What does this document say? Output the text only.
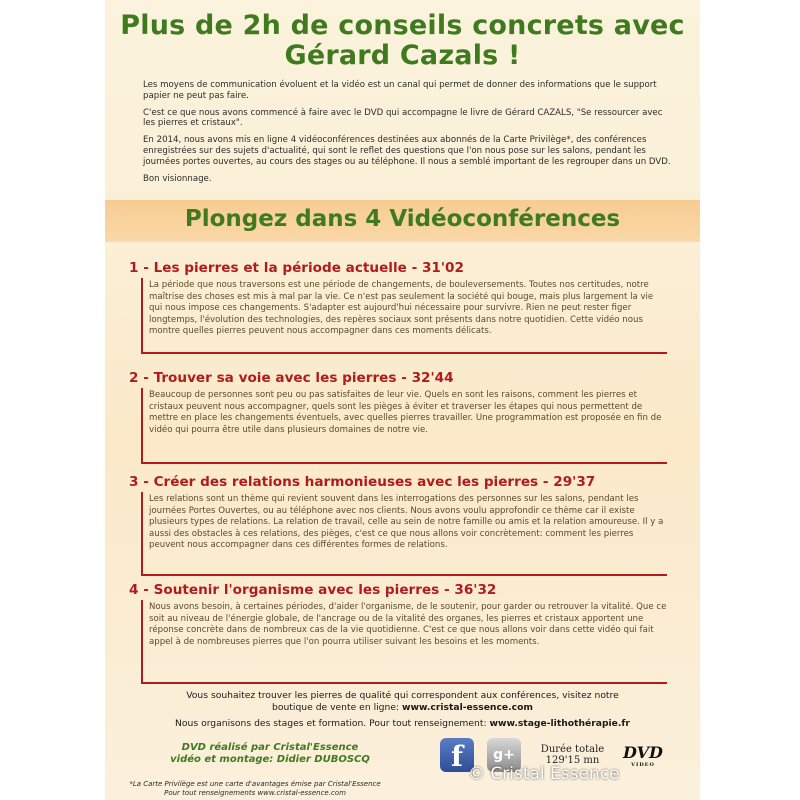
Plus de 2h de conseils concrets avec
Gérard Cazals !

Les moyens de communication évoluent et la vidéo est un canal qui permet de donner des informations que le support papier ne peut pas faire.

C'est ce que nous avons commencé à faire avec le DVD qui accompagne le livre de Gérard CAZALS, "Se ressourcer avec les pierres et cristaux".

En 2014, nous avons mis en ligne 4 vidéoconférences destinées aux abonnés de la Carte Privilège*, des conférences enregistrées sur des sujets d'actualité, qui sont le reflet des questions que l'on nous pose sur les salons, pendant les journées portes ouvertes, au cours des stages ou au téléphone. Il nous a semblé important de les regrouper dans un DVD.

Bon visionnage.

Plongez dans 4 Vidéoconférences
1 - Les pierres et la période actuelle - 31'02
La période que nous traversons est une période de changements, de bouleversements. Toutes nos certitudes, notre maîtrise des choses est mis à mal par la vie. Ce n'est pas seulement la société qui bouge, mais plus largement la vie qui nous impose ces changements. S'adapter est aujourd'hui nécessaire pour survivre. Rien ne peut rester figer longtemps, l'évolution des technologies, des repères sociaux sont présents dans notre quotidien. Cette vidéo nous montre quelles pierres peuvent nous accompagner dans ces moments délicats.
2 - Trouver sa voie avec les pierres - 32'44
Beaucoup de personnes sont peu ou pas satisfaites de leur vie. Quels en sont les raisons, comment les pierres et cristaux peuvent nous accompagner, quels sont les pièges à éviter et traverser les étapes qui nous permettent de mettre en place les changements éventuels, avec quelles pierres travailler. Une programmation est proposée en fin de vidéo qui pourra être utile dans plusieurs domaines de notre vie.
3 - Créer des relations harmonieuses avec les pierres - 29'37
Les relations sont un thème qui revient souvent dans les interrogations des personnes sur les salons, pendant les journées Portes Ouvertes, ou au téléphone avec nos clients. Nous avons voulu approfondir ce thème car il existe plusieurs types de relations. La relation de travail, celle au sein de notre famille ou amis et la relation amoureuse. Il y a aussi des obstacles à ces relations, des pièges, c'est ce que nous allons voir concrètement: comment les pierres peuvent nous accompagner dans ces différentes formes de relations.
4 - Soutenir l'organisme avec les pierres - 36'32
Nous avons besoin, à certaines périodes, d'aider l'organisme, de le soutenir, pour garder ou retrouver la vitalité. Que ce soit au niveau de l'énergie globale, de l'ancrage ou de la vitalité des organes, les pierres et cristaux apportent une réponse concrète dans de nombreux cas de la vie quotidienne. C'est ce que nous allons voir dans cette vidéo qui fait appel à de nombreuses pierres que l'on pourra utiliser suivant les besoins et les moments.
Vous souhaitez trouver les pierres de qualité qui correspondent aux conférences, visitez notre
boutique de vente en ligne: www.cristal-essence.com
Nous organisons des stages et formation. Pour tout renseignement: www.stage-lithothérapie.fr
DVD réalisé par Cristal'Essence
vidéo et montage: Didier DUBOSCQ	f	g+	Durée totale
129'15 mn	DVD
VIDEO
*La Carte Privilège est une carte d'avantages émise par Cristal'Essence
Pour tout renseignements www.cristal-essence.com
© Cristal Essence
